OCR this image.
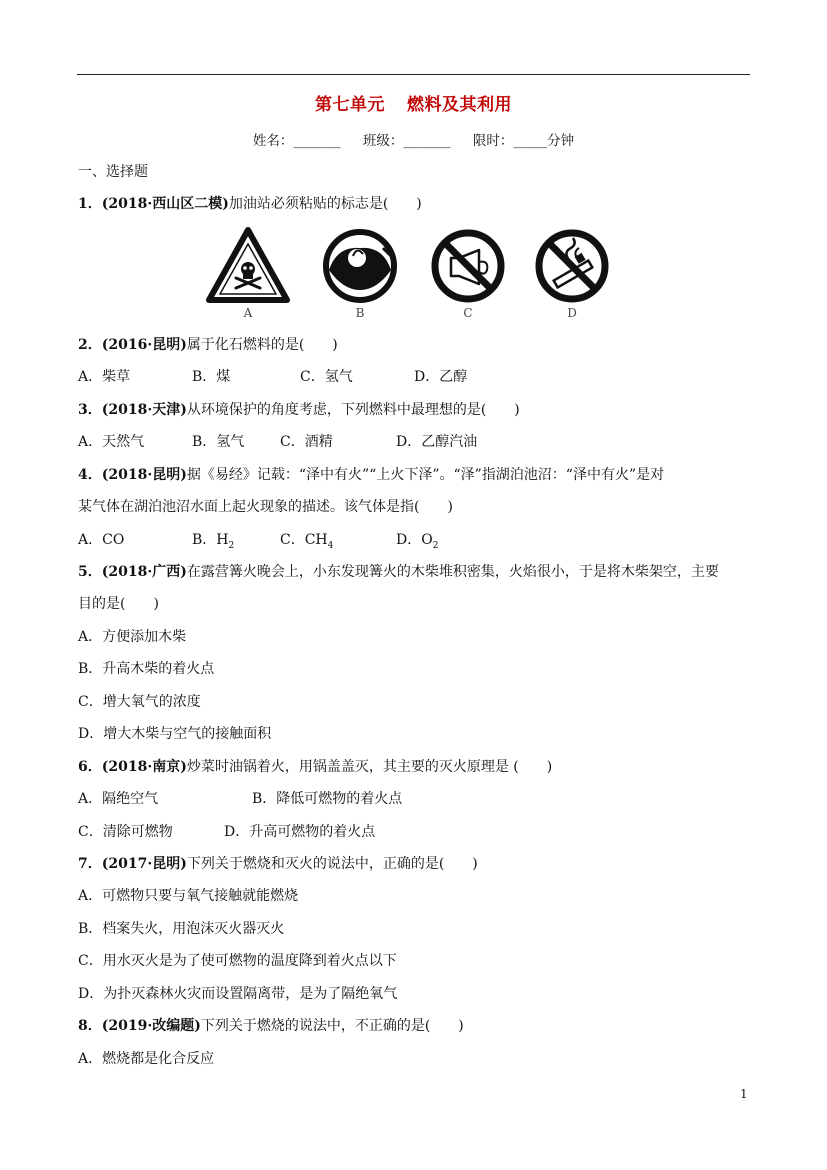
第七单元 燃料及其利用
姓名：_______ 班级：_______ 限时：_____分钟
一、选择题
1．(2018·西山区二模)加油站必须粘贴的标志是(　　)
A	B	C	D
2．(2016·昆明)属于化石燃料的是(　　)
A．柴草	B．煤	C．氢气	D．乙醇
3．(2018·天津)从环境保护的角度考虑，下列燃料中最理想的是(　　)
A．天然气	B．氢气	C．酒精	D．乙醇汽油
4．(2018·昆明)据《易经》记载：“泽中有火”“上火下泽”。“泽”指湖泊池沼：“泽中有火”是对
某气体在湖泊池沼水面上起火现象的描述。该气体是指(　　)
A．CO	B．$H_2$	C．$CH_4$	D．$O_2$
5．(2018·广西)在露营篝火晚会上，小东发现篝火的木柴堆积密集，火焰很小，于是将木柴架空，主要
目的是(　　)
A．方便添加木柴
B．升高木柴的着火点
C．增大氧气的浓度
D．增大木柴与空气的接触面积
6．(2018·南京)炒菜时油锅着火，用锅盖盖灭，其主要的灭火原理是 (　　)
A．隔绝空气	B．降低可燃物的着火点
C．清除可燃物	D．升高可燃物的着火点
7．(2017·昆明)下列关于燃烧和灭火的说法中，正确的是(　　)
A．可燃物只要与氧气接触就能燃烧
B．档案失火，用泡沫灭火器灭火
C．用水灭火是为了使可燃物的温度降到着火点以下
D．为扑灭森林火灾而设置隔离带，是为了隔绝氧气
8．(2019·改编题)下列关于燃烧的说法中，不正确的是(　　)
A．燃烧都是化合反应
1
